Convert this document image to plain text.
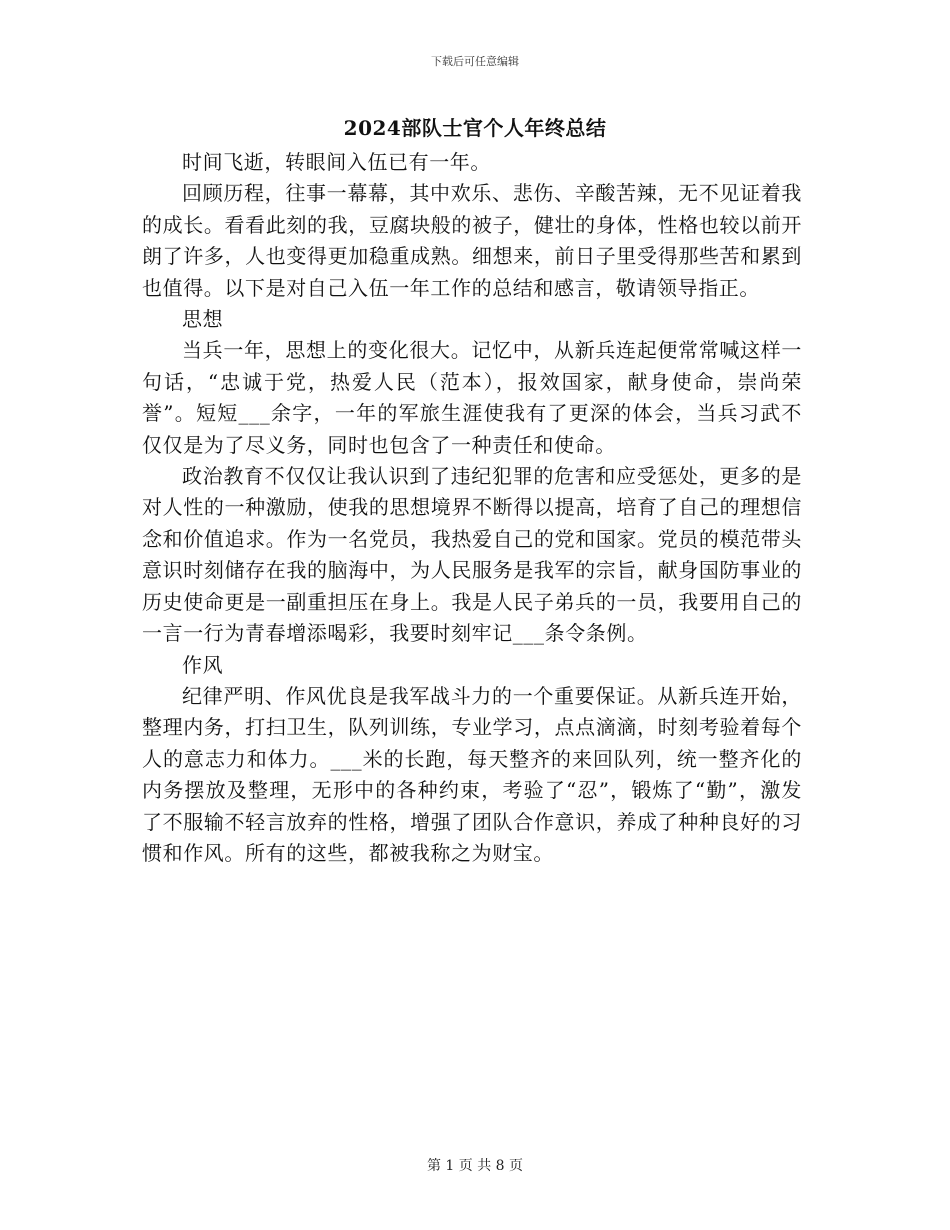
下载后可任意编辑
2024部队士官个人年终总结

时间飞逝，转眼间入伍已有一年。

回顾历程，往事一幕幕，其中欢乐、悲伤、辛酸苦辣，无不见证着我的成长。看看此刻的我，豆腐块般的被子，健壮的身体，性格也较以前开朗了许多，人也变得更加稳重成熟。细想来，前日子里受得那些苦和累到也值得。以下是对自己入伍一年工作的总结和感言，敬请领导指正。

思想

当兵一年，思想上的变化很大。记忆中，从新兵连起便常常喊这样一句话，“忠诚于党，热爱人民（范本），报效国家，献身使命，崇尚荣誉”。短短___余字，一年的军旅生涯使我有了更深的体会，当兵习武不仅仅是为了尽义务，同时也包含了一种责任和使命。

政治教育不仅仅让我认识到了违纪犯罪的危害和应受惩处，更多的是对人性的一种激励，使我的思想境界不断得以提高，培育了自己的理想信念和价值追求。作为一名党员，我热爱自己的党和国家。党员的模范带头意识时刻储存在我的脑海中，为人民服务是我军的宗旨，献身国防事业的历史使命更是一副重担压在身上。我是人民子弟兵的一员，我要用自己的一言一行为青春增添喝彩，我要时刻牢记___条令条例。

作风

纪律严明、作风优良是我军战斗力的一个重要保证。从新兵连开始，整理内务，打扫卫生，队列训练，专业学习，点点滴滴，时刻考验着每个人的意志力和体力。___米的长跑，每天整齐的来回队列，统一整齐化的内务摆放及整理，无形中的各种约束，考验了“忍”，锻炼了“勤”，激发了不服输不轻言放弃的性格，增强了团队合作意识，养成了种种良好的习惯和作风。所有的这些，都被我称之为财宝。

第 1 页 共 8 页
